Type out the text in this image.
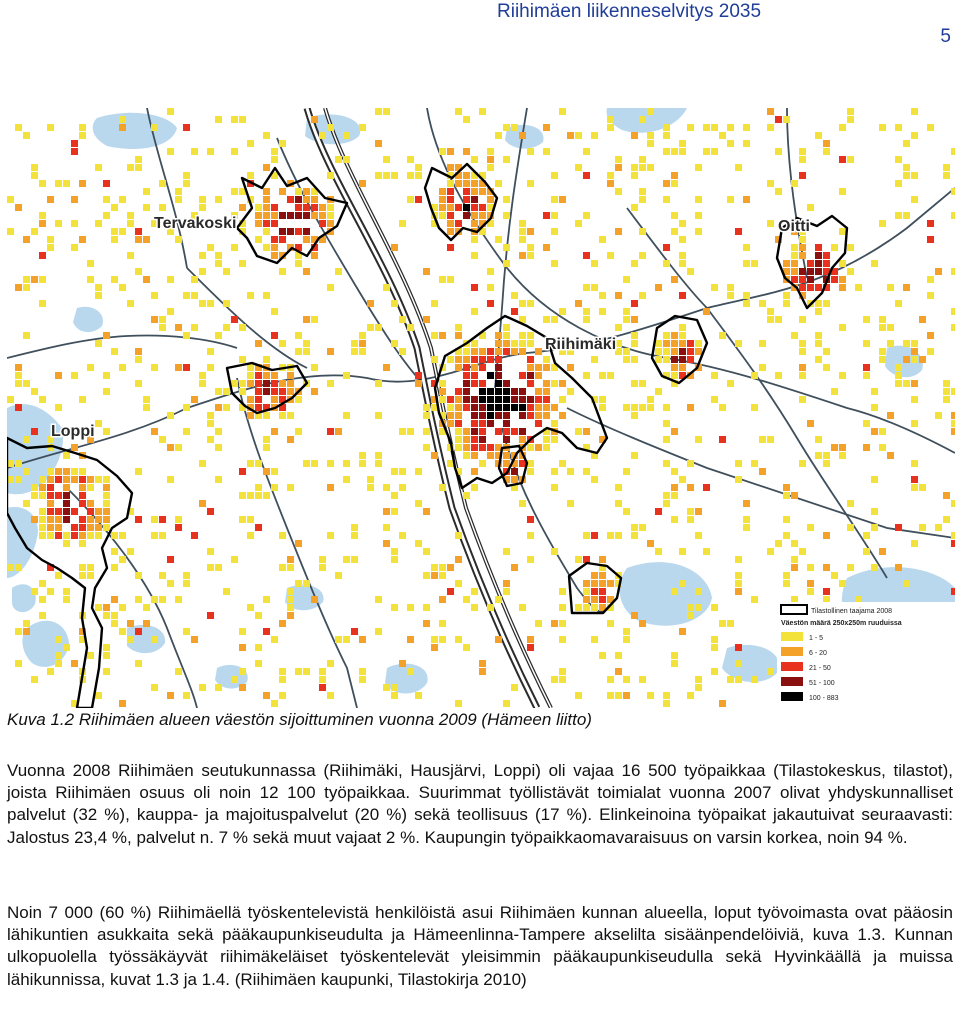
Riihimäen liikenneselvitys 2035
5
Tervakoski	Oitti
Riihimäki
Loppi
Tilastollinen taajama 2008
Väestön määrä 250x250m ruuduissa
1 - 5
6 - 20
21 - 50
51 - 100
100 - 883
Kuva 1.2 Riihimäen alueen väestön sijoittuminen vuonna 2009 (Hämeen liitto)

Vuonna 2008 Riihimäen seutukunnassa (Riihimäki, Hausjärvi, Loppi) oli vajaa 16 500 työpaikkaa (Tilastokeskus, tilastot), joista Riihimäen osuus oli noin 12 100 työpaikkaa. Suurimmat työllistävät toimialat vuonna 2007 olivat yhdyskunnalliset palvelut (32 %), kauppa- ja majoituspalvelut (20 %) sekä teollisuus (17 %). Elinkeinoina työpaikat jakautuivat seuraavasti: Jalostus 23,4 %, palvelut n. 7 % sekä muut vajaat 2 %. Kaupungin työpaikkaomavaraisuus on varsin korkea, noin 94 %.

Noin 7 000 (60 %) Riihimäellä työskentelevistä henkilöistä asui Riihimäen kunnan alueella, loput työvoimasta ovat pääosin lähikuntien asukkaita sekä pääkaupunkiseudulta ja Hämeenlinna-Tampere akselilta sisäänpendelöiviä, kuva 1.3. Kunnan ulkopuolella työssäkäyvät riihimäkeläiset työskentelevät yleisimmin pääkaupunkiseudulla sekä Hyvinkäällä ja muissa lähikunnissa, kuvat 1.3 ja 1.4. (Riihimäen kaupunki, Tilastokirja 2010)
